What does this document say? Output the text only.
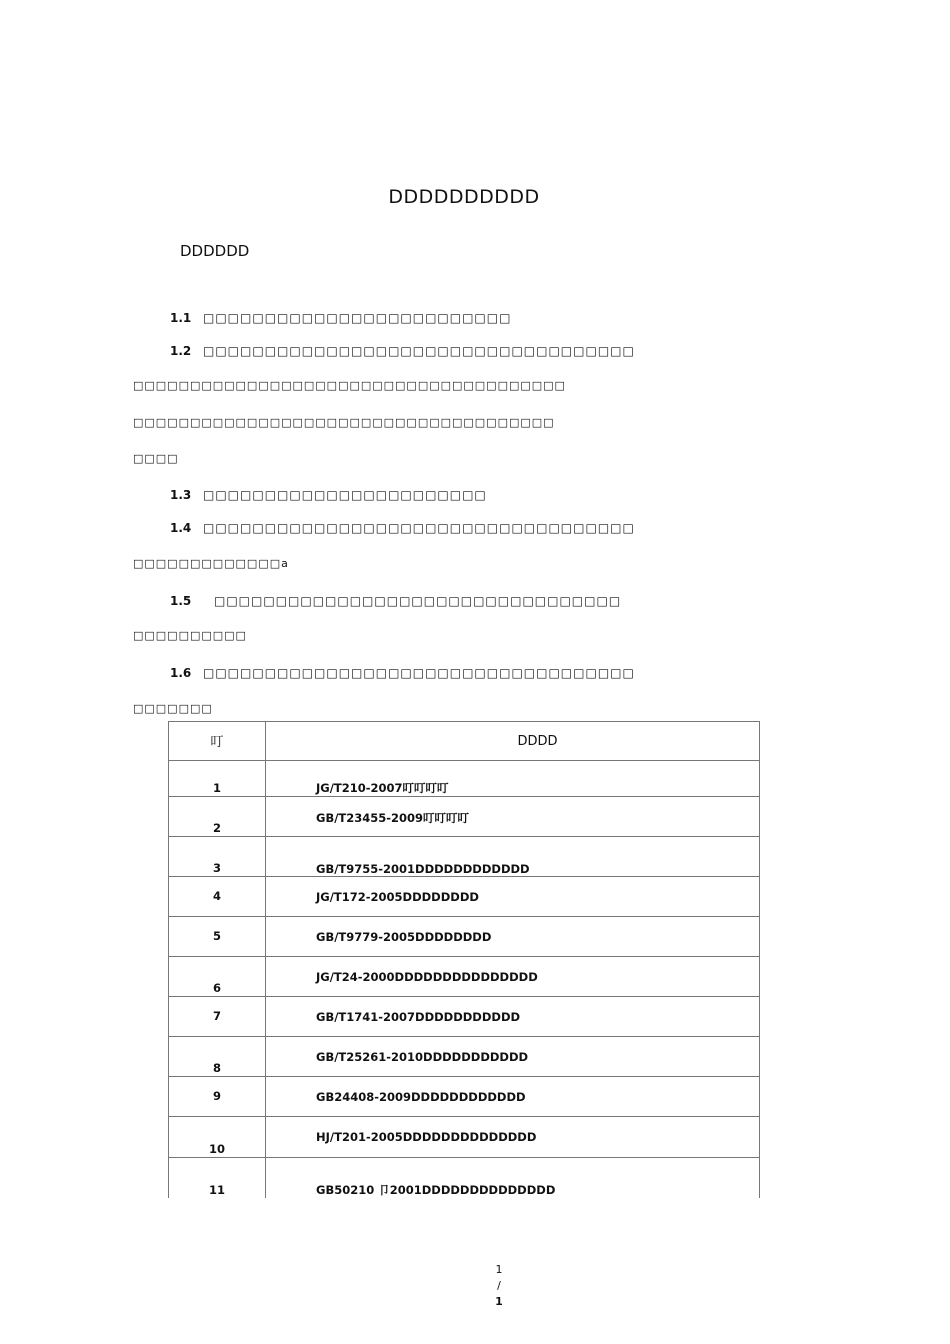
DDDDDDDDDD
DDDDDD
1.1 □□□□□□□□□□□□□□□□□□□□□□□□□
1.2 □□□□□□□□□□□□□□□□□□□□□□□□□□□□□□□□□□□
□□□□□□□□□□□□□□□□□□□□□□□□□□□□□□□□□□□□□□
□□□□□□□□□□□□□□□□□□□□□□□□□□□□□□□□□□□□□
□□□□
1.3 □□□□□□□□□□□□□□□□□□□□□□□
1.4 □□□□□□□□□□□□□□□□□□□□□□□□□□□□□□□□□□□
□□□□□□□□□□□□□a
1.5 □□□□□□□□□□□□□□□□□□□□□□□□□□□□□□□□□
□□□□□□□□□□
1.6 □□□□□□□□□□□□□□□□□□□□□□□□□□□□□□□□□□□
□□□□□□□
叮	DDDD
1	JG/T210-2007叮叮叮叮
2	GB/T23455-2009叮叮叮叮
3	GB/T9755-2001DDDDDDDDDDDD
4	JG/T172-2005DDDDDDDD
5	GB/T9779-2005DDDDDDDD
6	JG/T24-2000DDDDDDDDDDDDDDD
7	GB/T1741-2007DDDDDDDDDDD
8	GB/T25261-2010DDDDDDDDDDD
9	GB24408-2009DDDDDDDDDDDD
10	HJ/T201-2005DDDDDDDDDDDDDD
11	GB50210 卩2001DDDDDDDDDDDDDD
1
/
1
